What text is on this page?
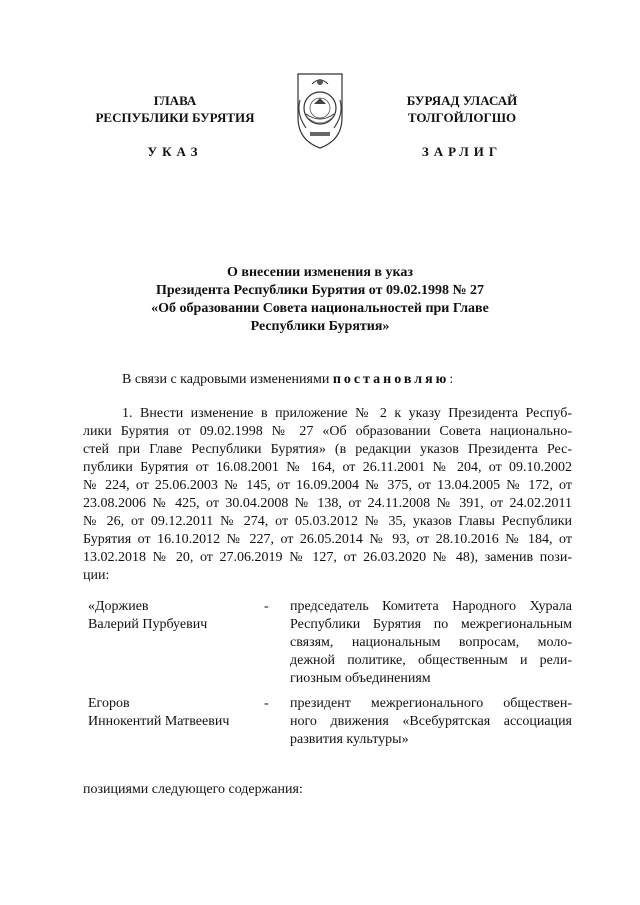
ГЛАВА
РЕСПУБЛИКИ БУРЯТИЯ
УКАЗ
БУРЯАД УЛАСАЙ
ТОЛГОЙЛОГШО
ЗАРЛИГ
О внесении изменения в указ
Президента Республики Бурятия от 09.02.1998 № 27
«Об образовании Совета национальностей при Главе
Республики Бурятия»
В связи с кадровыми изменениями постановляю:
1. Внести изменение в приложение № 2 к указу Президента Респуб-
лики Бурятия от 09.02.1998 № 27 «Об образовании Совета национально-
стей при Главе Республики Бурятия» (в редакции указов Президента Рес-
публики Бурятия от 16.08.2001 № 164, от 26.11.2001 № 204, от 09.10.2002
№ 224, от 25.06.2003 № 145, от 16.09.2004 № 375, от 13.04.2005 № 172, от
23.08.2006 № 425, от 30.04.2008 № 138, от 24.11.2008 № 391, от 24.02.2011
№ 26, от 09.12.2011 № 274, от 05.03.2012 № 35, указов Главы Республики
Бурятия от 16.10.2012 № 227, от 26.05.2014 № 93, от 28.10.2016 № 184, от
13.02.2018 № 20, от 27.06.2019 № 127, от 26.03.2020 № 48), заменив пози-
ции:
«Доржиев
Валерий Пурбуевич
- председатель Комитета Народного Хурала
Республики Бурятия по межрегиональным
связям, национальным вопросам, моло-
дежной политике, общественным и рели-
гиозным объединениям
Егоров
Иннокентий Матвеевич
- президент межрегионального обществен-
ного движения «Всебурятская ассоциация
развития культуры»
позициями следующего содержания:
